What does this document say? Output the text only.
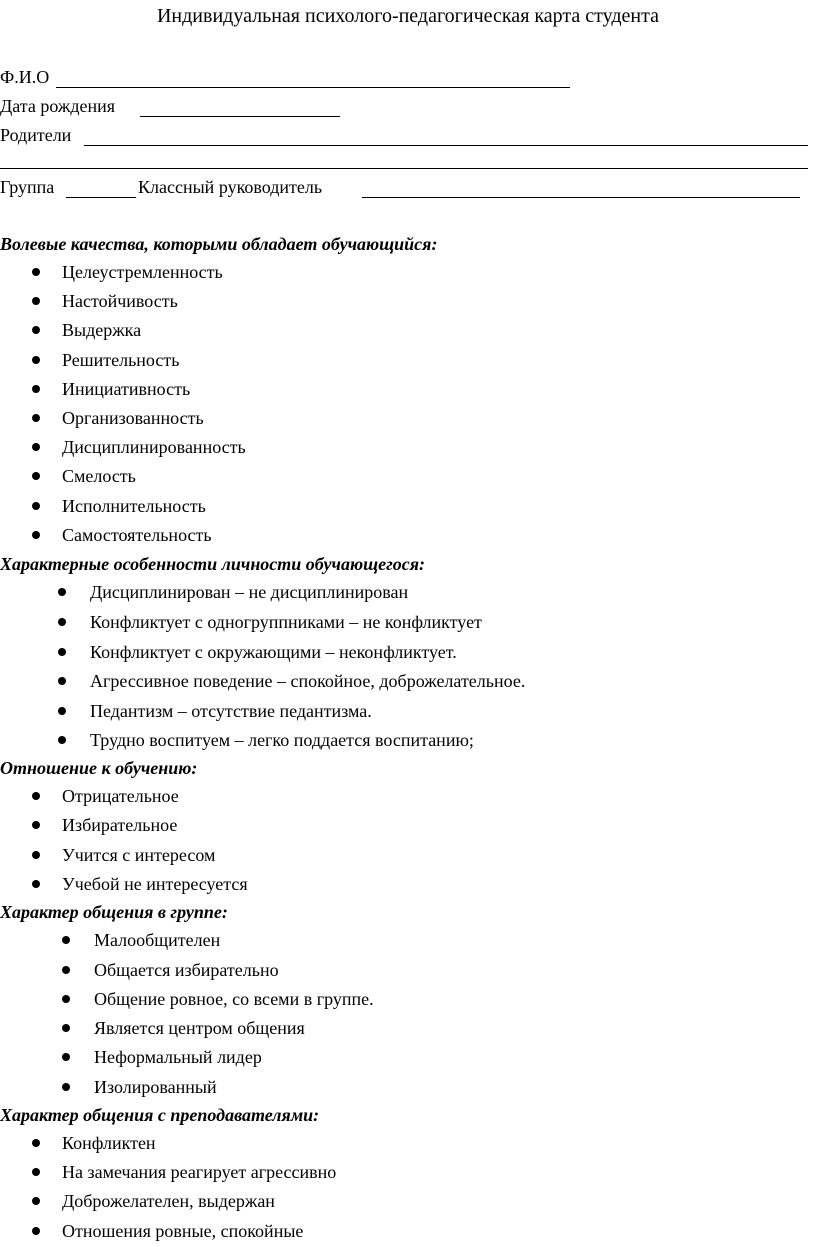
Индивидуальная психолого-педагогическая карта студента
Ф.И.О
Дата рождения
Родители
Группа	Классный руководитель
Волевые качества, которыми обладает обучающийся:
Целеустремленность
Настойчивость
Выдержка
Решительность
Инициативность
Организованность
Дисциплинированность
Смелость
Исполнительность
Самостоятельность
Характерные особенности личности обучающегося:
Дисциплинирован – не дисциплинирован
Конфликтует с одногруппниками – не конфликтует
Конфликтует с окружающими – неконфликтует.
Агрессивное поведение – спокойное, доброжелательное.
Педантизм – отсутствие педантизма.
Трудно воспитуем – легко поддается воспитанию;
Отношение к обучению:
Отрицательное
Избирательное
Учится с интересом
Учебой не интересуется
Характер общения в группе:
Малообщителен
Общается избирательно
Общение ровное, со всеми в группе.
Является центром общения
Неформальный лидер
Изолированный
Характер общения с преподавателями:
Конфликтен
На замечания реагирует агрессивно
Доброжелателен, выдержан
Отношения ровные, спокойные
